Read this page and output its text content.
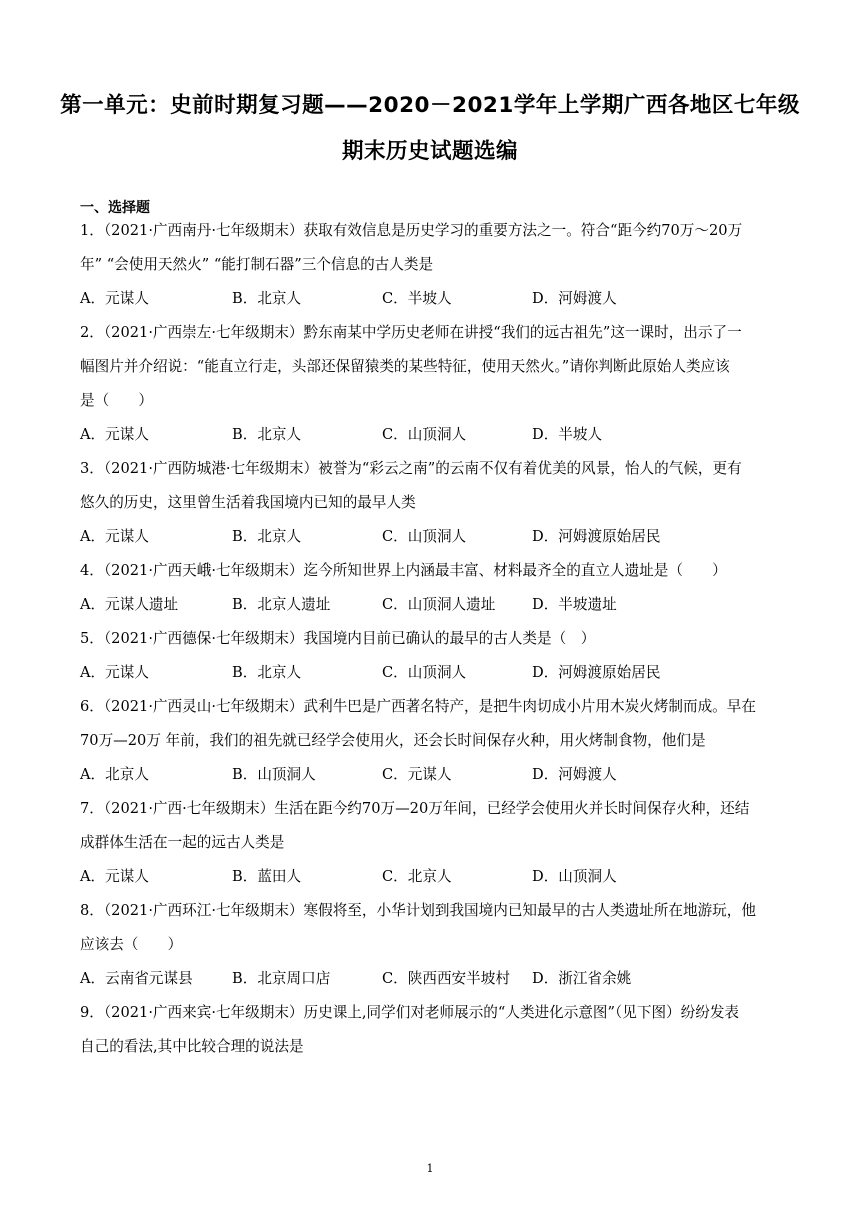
第一单元：史前时期复习题——2020－2021学年上学期广西各地区七年级
期末历史试题选编
一、选择题
1．（2021·广西南丹·七年级期末）获取有效信息是历史学习的重要方法之一。符合“距今约70万～20万
年” “会使用天然火” “能打制石器”三个信息的古人类是
A．元谋人	B．北京人	C．半坡人	D．河姆渡人
2．（2021·广西崇左·七年级期末）黔东南某中学历史老师在讲授“我们的远古祖先”这一课时，出示了一
幅图片并介绍说：“能直立行走，头部还保留猿类的某些特征，使用天然火。”请你判断此原始人类应该
是（　　）
A．元谋人	B．北京人	C．山顶洞人	D．半坡人
3．（2021·广西防城港·七年级期末）被誉为“彩云之南”的云南不仅有着优美的风景，怡人的气候，更有
悠久的历史，这里曾生活着我国境内已知的最早人类
A．元谋人	B．北京人	C．山顶洞人	D．河姆渡原始居民
4．（2021·广西天峨·七年级期末）迄今所知世界上内涵最丰富、材料最齐全的直立人遗址是（　　）
A．元谋人遗址	B．北京人遗址	C．山顶洞人遗址	D．半坡遗址
5．（2021·广西德保·七年级期末）我国境内目前已确认的最早的古人类是（　）
A．元谋人	B．北京人	C．山顶洞人	D．河姆渡原始居民
6．（2021·广西灵山·七年级期末）武利牛巴是广西著名特产，是把牛肉切成小片用木炭火烤制而成。早在
70万—20万 年前，我们的祖先就已经学会使用火，还会长时间保存火种，用火烤制食物，他们是
A．北京人	B．山顶洞人	C．元谋人	D．河姆渡人
7．（2021·广西·七年级期末）生活在距今约70万—20万年间，已经学会使用火并长时间保存火种，还结
成群体生活在一起的远古人类是
A．元谋人	B．蓝田人	C．北京人	D．山顶洞人
8．（2021·广西环江·七年级期末）寒假将至，小华计划到我国境内已知最早的古人类遗址所在地游玩，他
应该去（　　）
A．云南省元谋县	B．北京周口店	C．陕西西安半坡村 D．浙江省余姚
9．（2021·广西来宾·七年级期末）历史课上,同学们对老师展示的“人类进化示意图”（见下图）纷纷发表
自己的看法,其中比较合理的说法是
1
